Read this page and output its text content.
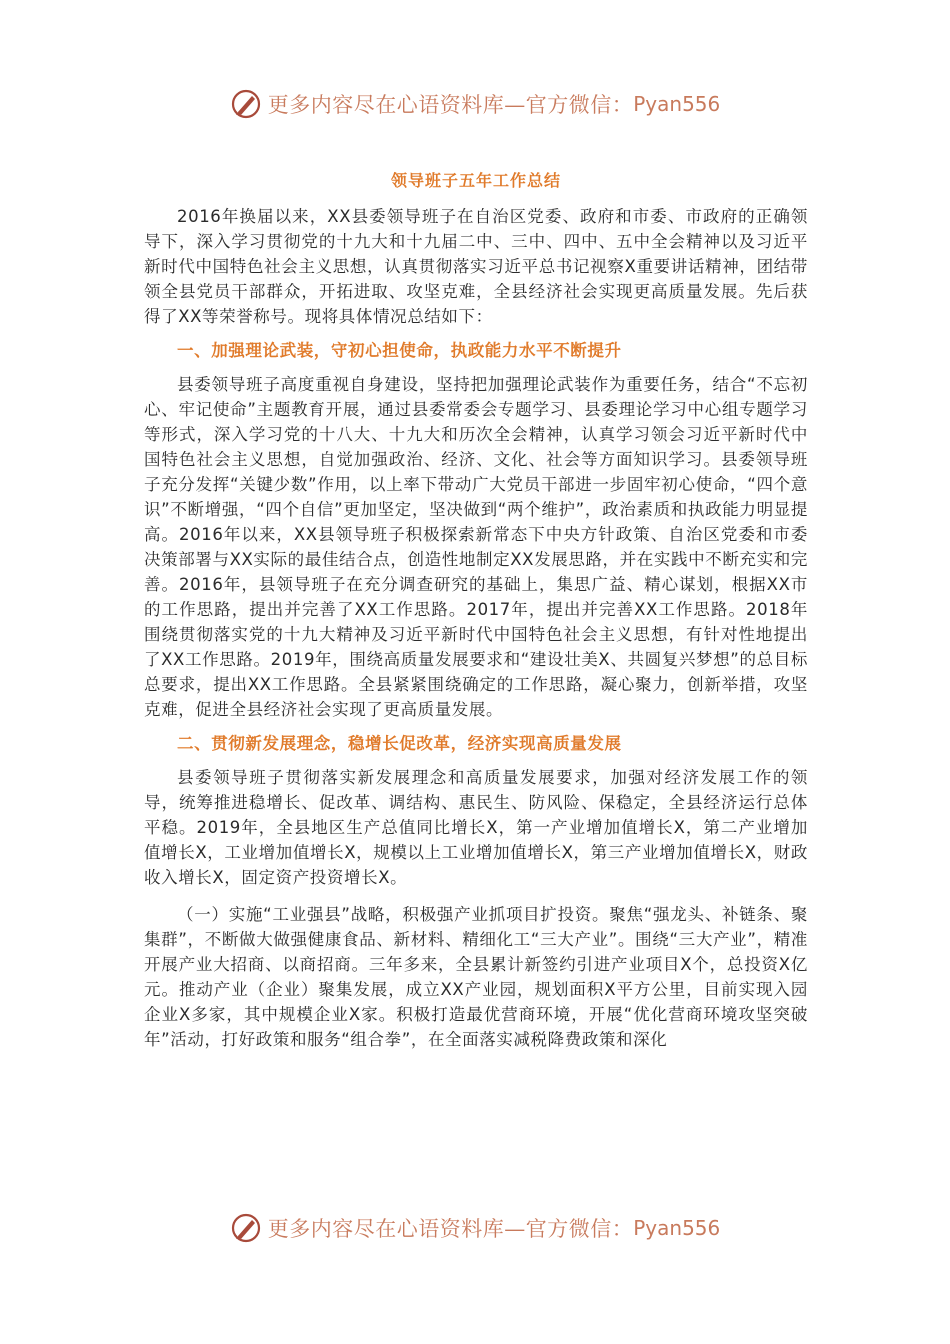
更多内容尽在心语资料库—官方微信： Pyan556
领导班子五年工作总结

2016年换届以来，XX县委领导班子在自治区党委、政府和市委、市政府的正确领导下，深入学习贯彻党的十九大和十九届二中、三中、四中、五中全会精神以及习近平新时代中国特色社会主义思想，认真贯彻落实习近平总书记视察X重要讲话精神，团结带领全县党员干部群众，开拓进取、攻坚克难，全县经济社会实现更高质量发展。先后获得了XX等荣誉称号。现将具体情况总结如下：

一、加强理论武装，守初心担使命，执政能力水平不断提升

县委领导班子高度重视自身建设，坚持把加强理论武装作为重要任务，结合“不忘初心、牢记使命”主题教育开展，通过县委常委会专题学习、县委理论学习中心组专题学习等形式，深入学习党的十八大、十九大和历次全会精神，认真学习领会习近平新时代中国特色社会主义思想，自觉加强政治、经济、文化、社会等方面知识学习。县委领导班子充分发挥“关键少数”作用，以上率下带动广大党员干部进一步固牢初心使命，“四个意识”不断增强，“四个自信”更加坚定，坚决做到“两个维护”，政治素质和执政能力明显提高。2016年以来，XX县领导班子积极探索新常态下中央方针政策、自治区党委和市委决策部署与XX实际的最佳结合点，创造性地制定XX发展思路，并在实践中不断充实和完善。2016年，县领导班子在充分调查研究的基础上，集思广益、精心谋划，根据XX市的工作思路，提出并完善了XX工作思路。2017年，提出并完善XX工作思路。2018年围绕贯彻落实党的十九大精神及习近平新时代中国特色社会主义思想，有针对性地提出了XX工作思路。2019年，围绕高质量发展要求和“建设壮美X、共圆复兴梦想”的总目标总要求，提出XX工作思路。全县紧紧围绕确定的工作思路，凝心聚力，创新举措，攻坚克难，促进全县经济社会实现了更高质量发展。

二、贯彻新发展理念，稳增长促改革，经济实现高质量发展

县委领导班子贯彻落实新发展理念和高质量发展要求，加强对经济发展工作的领导，统筹推进稳增长、促改革、调结构、惠民生、防风险、保稳定，全县经济运行总体平稳。2019年，全县地区生产总值同比增长X，第一产业增加值增长X，第二产业增加值增长X，工业增加值增长X，规模以上工业增加值增长X，第三产业增加值增长X，财政收入增长X，固定资产投资增长X。

（一）实施“工业强县”战略，积极强产业抓项目扩投资。聚焦“强龙头、补链条、聚集群”，不断做大做强健康食品、新材料、精细化工“三大产业”。围绕“三大产业”，精准开展产业大招商、以商招商。三年多来，全县累计新签约引进产业项目X个，总投资X亿元。推动产业（企业）聚集发展，成立XX产业园，规划面积X平方公里，目前实现入园企业X多家，其中规模企业X家。积极打造最优营商环境，开展“优化营商环境攻坚突破年”活动，打好政策和服务“组合拳”，在全面落实减税降费政策和深化

更多内容尽在心语资料库—官方微信： Pyan556
